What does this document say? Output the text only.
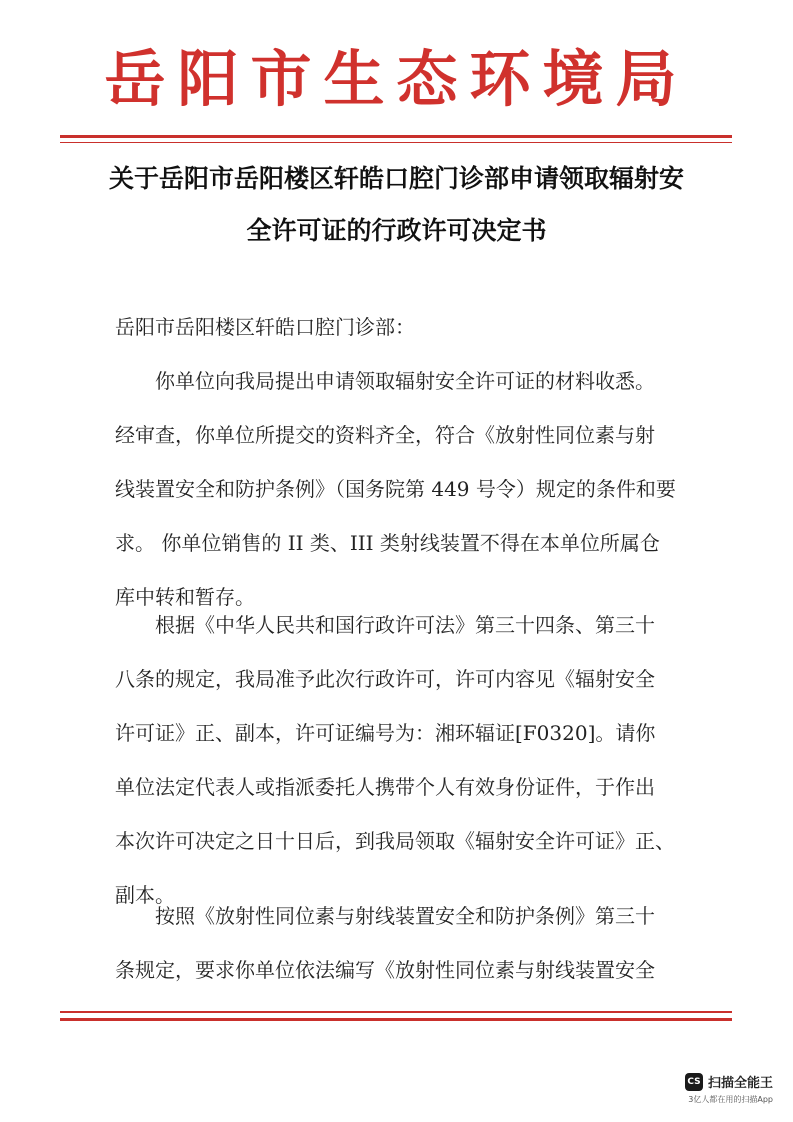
岳阳市生态环境局
关于岳阳市岳阳楼区轩皓口腔门诊部申请领取辐射安
全许可证的行政许可决定书
岳阳市岳阳楼区轩皓口腔门诊部：
你单位向我局提出申请领取辐射安全许可证的材料收悉。
经审查，你单位所提交的资料齐全，符合《放射性同位素与射
线装置安全和防护条例》（国务院第 449 号令）规定的条件和要
求。 你单位销售的 II 类、III 类射线装置不得在本单位所属仓
库中转和暂存。
根据《中华人民共和国行政许可法》第三十四条、第三十
八条的规定，我局准予此次行政许可，许可内容见《辐射安全
许可证》正、副本，许可证编号为：湘环辐证[F0320]。请你
单位法定代表人或指派委托人携带个人有效身份证件，于作出
本次许可决定之日十日后，到我局领取《辐射安全许可证》正、
副本。
按照《放射性同位素与射线装置安全和防护条例》第三十
条规定，要求你单位依法编写《放射性同位素与射线装置安全
CS 扫描全能王
3亿人都在用的扫描App
